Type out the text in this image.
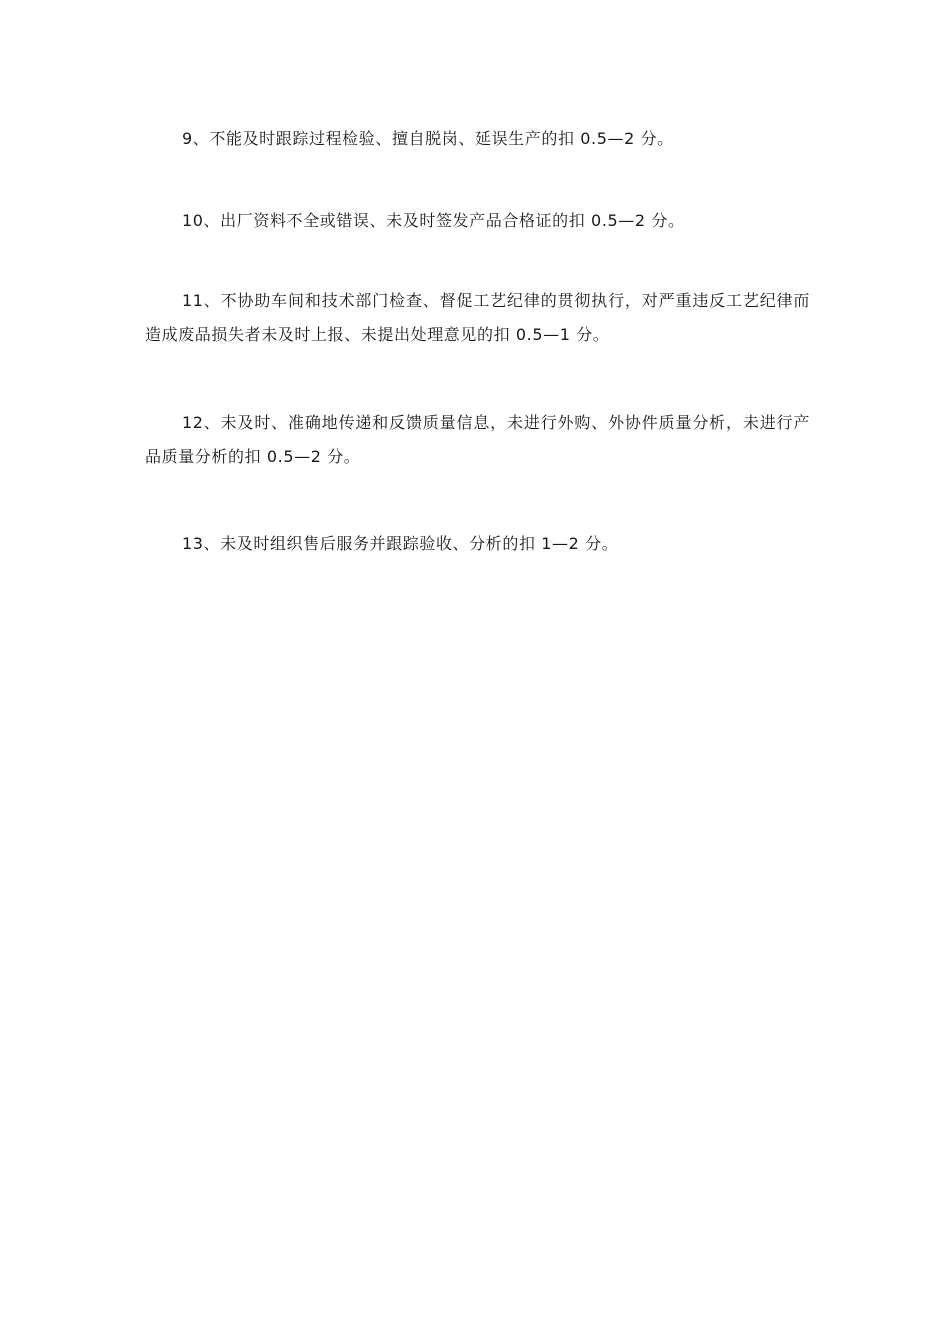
9、不能及时跟踪过程检验、擅自脱岗、延误生产的扣 0.5—2 分。

10、出厂资料不全或错误、未及时签发产品合格证的扣 0.5—2 分。

11、不协助车间和技术部门检查、督促工艺纪律的贯彻执行，对严重违反工艺纪律而造成废品损失者未及时上报、未提出处理意见的扣 0.5—1 分。

12、未及时、准确地传递和反馈质量信息，未进行外购、外协件质量分析，未进行产品质量分析的扣 0.5—2 分。

13、未及时组织售后服务并跟踪验收、分析的扣 1—2 分。
